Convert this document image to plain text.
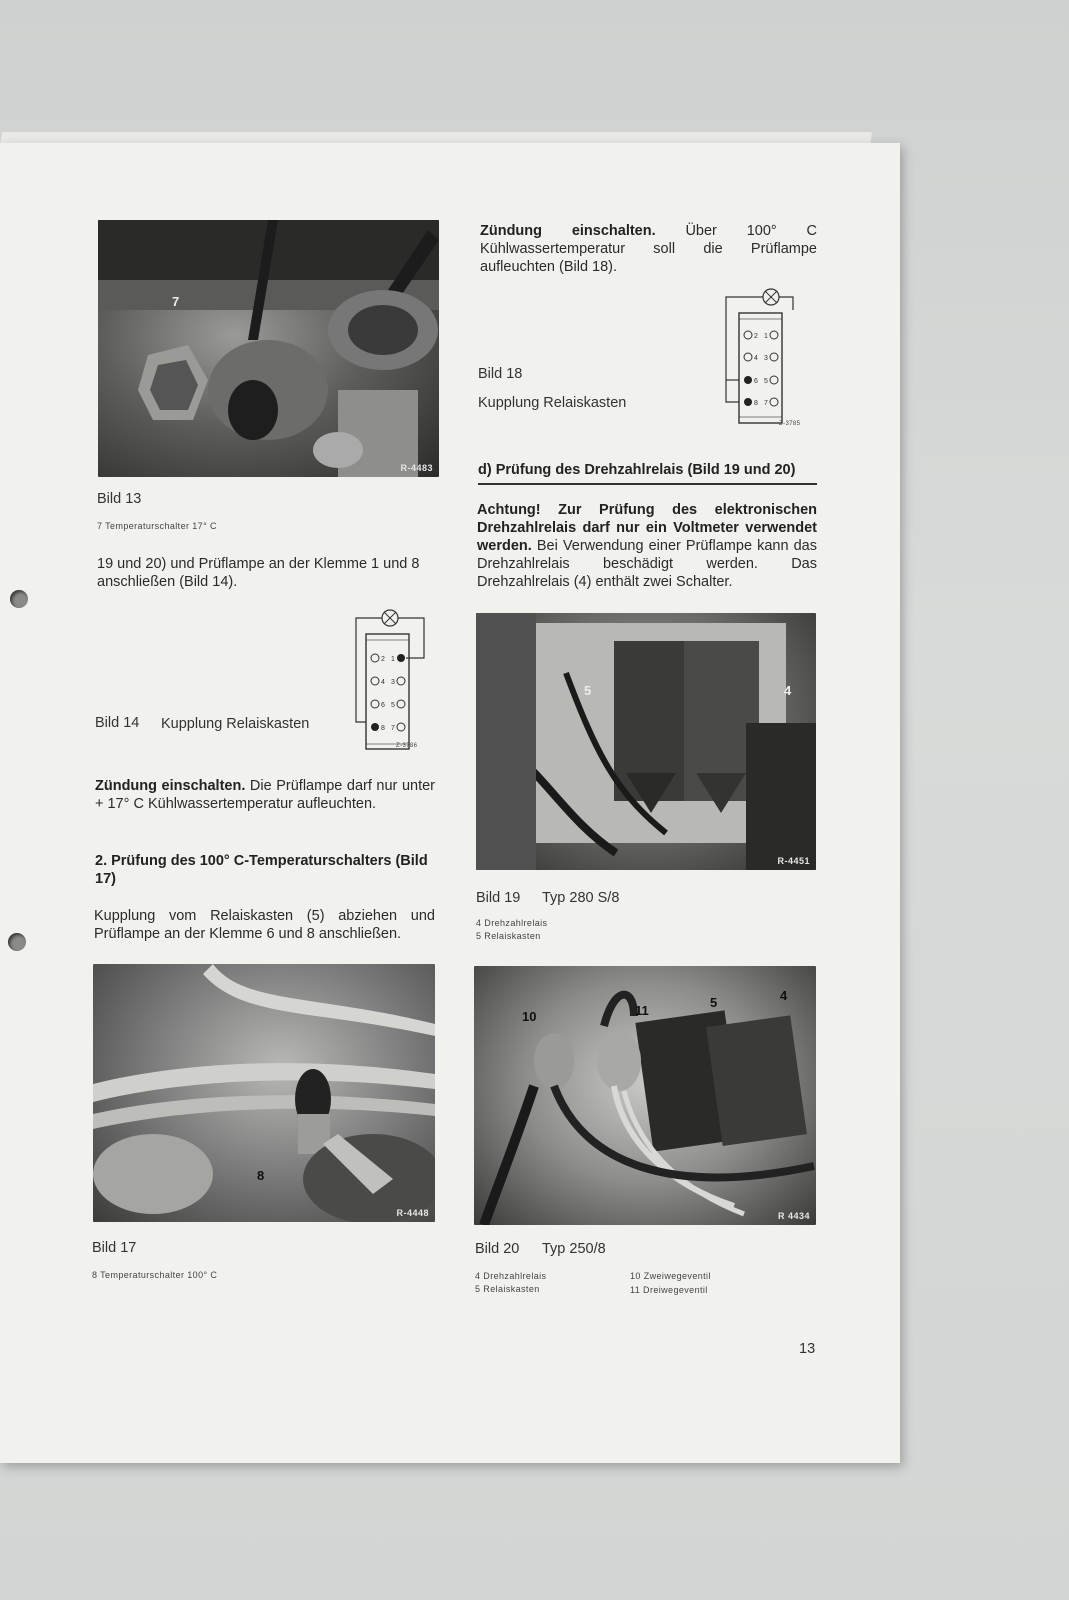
7
R-4483

Bild 13

7 Temperaturschalter 17° C

19 und 20) und Prüflampe an der Klemme 1 und 8 anschließen (Bild 14).

2 1
4 3
6 5
8 7
Z-3786

Bild 14 Kupplung Relaiskasten

Zündung einschalten. Die Prüflampe darf nur unter + 17° C Kühlwassertemperatur aufleuchten.

2. Prüfung des 100° C-Temperaturschalters (Bild 17)

Kupplung vom Relaiskasten (5) abziehen und Prüflampe an der Klemme 6 und 8 anschließen.

8
R-4448

Bild 17

8 Temperaturschalter 100° C

Zündung einschalten. Über 100° C Kühlwassertemperatur soll die Prüflampe aufleuchten (Bild 18).

2 1
4 3
6 5
8 7
Z-3785

Bild 18

Kupplung Relaiskasten

d) Prüfung des Drehzahlrelais (Bild 19 und 20)

Achtung! Zur Prüfung des elektronischen Drehzahlrelais darf nur ein Voltmeter verwendet werden. Bei Verwendung einer Prüflampe kann das Drehzahlrelais beschädigt werden. Das Drehzahlrelais (4) enthält zwei Schalter.

5	4
R-4451

Bild 19 Typ 280 S/8

4 Drehzahlrelais

5 Relaiskasten

10	11
5	4
R 4434

Bild 20 Typ 250/8

4 Drehzahlrelais

5 Relaiskasten

10 Zweiwegeventil

11 Dreiwegeventil

13
